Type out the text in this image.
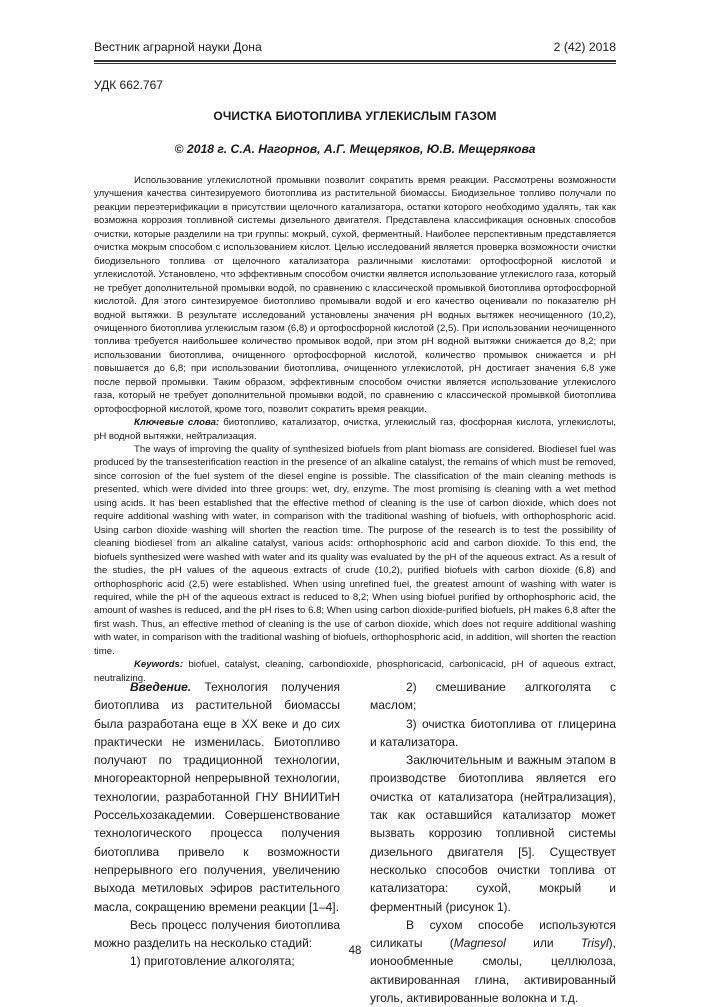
Вестник аграрной науки Дона	2 (42) 2018
УДК 662.767
ОЧИСТКА БИОТОПЛИВА УГЛЕКИСЛЫМ ГАЗОМ
© 2018 г. С.А. Нагорнов, А.Г. Мещеряков, Ю.В. Мещерякова

Использование углекислотной промывки позволит сократить время реакции. Рассмотрены возможности улучшения качества синтезируемого биотоплива из растительной биомассы. Биодизельное топливо получали по реакции переэтерификации в присутствии щелочного катализатора, остатки которого необходимо удалять, так как возможна коррозия топливной системы дизельного двигателя. Представлена классификация основных способов очистки, которые разделили на три группы: мокрый, сухой, ферментный. Наиболее перспективным представляется очистка мокрым способом с использованием кислот. Целью исследований является проверка возможности очистки биодизельного топлива от щелочного катализатора различными кислотами: ортофосфорной кислотой и углекислотой. Установлено, что эффективным способом очистки является использование углекислого газа, который не требует дополнительной промывки водой, по сравнению с классической промывкой биотоплива ортофосфорной кислотой. Для этого синтезируемое биотопливо промывали водой и его качество оценивали по показателю pH водной вытяжки. В результате исследований установлены значения pH водных вытяжек неочищенного (10,2), очищенного биотоплива углекислым газом (6,8) и ортофосфорной кислотой (2,5). При использовании неочищенного топлива требуется наибольшее количество промывок водой, при этом pH водной вытяжки снижается до 8,2; при использовании биотоплива, очищенного ортофосфорной кислотой, количество промывок снижается и pH повышается до 6,8; при использовании биотоплива, очищенного углекислотой, pH достигает значения 6,8 уже после первой промывки. Таким образом, эффективным способом очистки является использование углекислого газа, который не требует дополнительной промывки водой, по сравнению с классической промывкой биотоплива ортофосфорной кислотой, кроме того, позволит сократить время реакции.

Ключевые слова: биотопливо, катализатор, очистка, углекислый газ, фосфорная кислота, углекислоты, pH водной вытяжки, нейтрализация.

The ways of improving the quality of synthesized biofuels from plant biomass are considered. Biodiesel fuel was produced by the transesterification reaction in the presence of an alkaline catalyst, the remains of which must be removed, since corrosion of the fuel system of the diesel engine is possible. The classification of the main cleaning methods is presented, which were divided into three groups: wet, dry, enzyme. The most promising is cleaning with a wet method using acids. It has been established that the effective method of cleaning is the use of carbon dioxide, which does not require additional washing with water, in comparison with the traditional washing of biofuels, with orthophosphoric acid. Using carbon dioxide washing will shorten the reaction time. The purpose of the research is to test the possibility of cleaning biodiesel from an alkaline catalyst, various acids: orthophosphoric acid and carbon dioxide. To this end, the biofuels synthesized were washed with water and its quality was evaluated by the pH of the aqueous extract. As a result of the studies, the pH values of the aqueous extracts of crude (10,2), purified biofuels with carbon dioxide (6,8) and orthophosphoric acid (2,5) were established. When using unrefined fuel, the greatest amount of washing with water is required, while the pH of the aqueous extract is reduced to 8,2; When using biofuel purified by orthophosphoric acid, the amount of washes is reduced, and the pH rises to 6.8; When using carbon dioxide-purified biofuels, pH makes 6,8 after the first wash. Thus, an effective method of cleaning is the use of carbon dioxide, which does not require additional washing with water, in comparison with the traditional washing of biofuels, orthophosphoric acid, in addition, will shorten the reaction time.

Keywords: biofuel, catalyst, cleaning, carbondioxide, phosphoricacid, carbonicacid, pH of aqueous extract, neutralizing.

Введение. Технология получения биотоплива из растительной биомассы была разработана еще в XX веке и до сих практически не изменилась. Биотопливо получают по традиционной технологии, многореакторной непрерывной технологии, технологии, разработанной ГНУ ВНИИТиН Россельхозакадемии. Совершенствование технологического процесса получения биотоплива привело к возможности непрерывного его получения, увеличению выхода метиловых эфиров растительного масла, сокращению времени реакции [1–4].

Весь процесс получения биотоплива можно разделить на несколько стадий:

1) приготовление алкоголята;

2) смешивание алгкоголята с маслом;

3) очистка биотоплива от глицерина и катализатора.

Заключительным и важным этапом в производстве биотоплива является его очистка от катализатора (нейтрализация), так как оставшийся катализатор может вызвать коррозию топливной системы дизельного двигателя [5]. Существует несколько способов очистки топлива от катализатора: сухой, мокрый и ферментный (рисунок 1).

В сухом способе используются силикаты (Magnesol или Trisyl), ионообменные смолы, целлюлоза, активированная глина, активированный уголь, активированные волокна и т.д.

48
